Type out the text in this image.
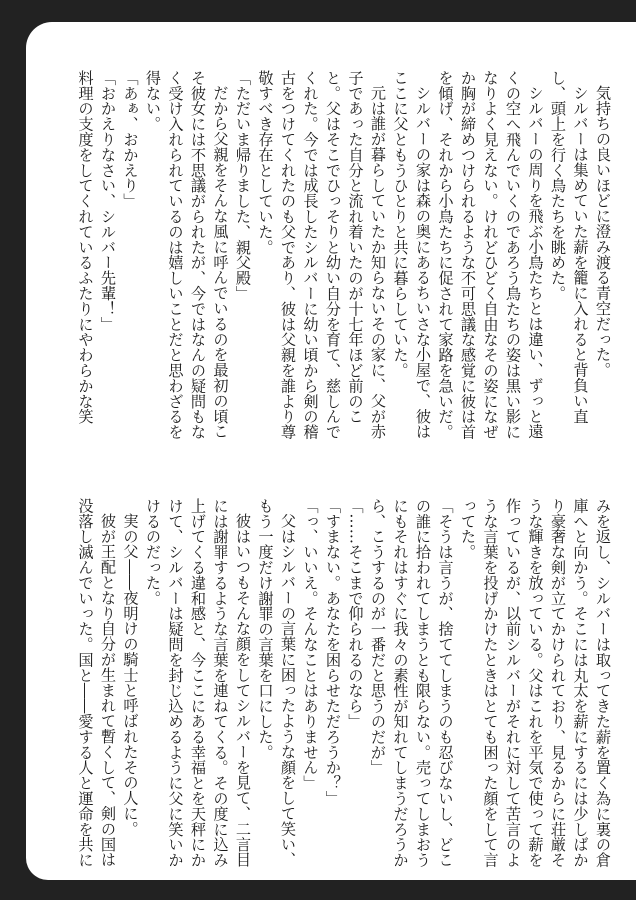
気持ちの良いほどに澄み渡る青空だった。

シルバーは集めていた薪を籠に入れると背負い直し、頭上を行く鳥たちを眺めた。

シルバーの周りを飛ぶ小鳥たちとは違い、ずっと遠くの空へ飛んでいくのであろう鳥たちの姿は黒い影になりよく見えない。けれどひどく自由なその姿になぜか胸が締めつけられるような不可思議な感覚に彼は首を傾げ、それから小鳥たちに促されて家路を急いだ。

シルバーの家は森の奥にあるちいさな小屋で、彼はここに父ともうひとりと共に暮らしていた。

元は誰が暮らしていたか知らないその家に、父が赤子であった自分と流れ着いたのが十七年ほど前のこと。父はそこでひっそりと幼い自分を育て、慈しんでくれた。今では成長したシルバーに幼い頃から剣の稽古をつけてくれたのも父であり、彼は父親を誰より尊敬すべき存在としていた。

「ただいま帰りました、親父殿」

だから父親をそんな風に呼んでいるのを最初の頃こそ彼女には不思議がられたが、今ではなんの疑問もなく受け入れられているのは嬉しいことだと思わざるを得ない。

「あぁ、おかえり」

「おかえりなさい、シルバー先輩！」

料理の支度をしてくれているふたりにやわらかな笑

みを返し、シルバーは取ってきた薪を置く為に裏の倉庫へと向かう。そこには丸太を薪にするには少しばかり豪奢な剣が立てかけられており、見るからに荘厳そうな輝きを放っている。父はこれを平気で使って薪を作っているが、以前シルバーがそれに対して苦言のような言葉を投げかけたときはとても困った顔をして言ってた。

「そうは言うが、捨ててしまうのも忍びないし、どこの誰に拾われてしまうとも限らない。売ってしまおうにもそれはすぐに我々の素性が知れてしまうだろうから、こうするのが一番だと思うのだが」

「……そこまで仰られるのなら」

「すまない。あなたを困らせただろうか？」

「っ、いいえ。そんなことはありません」

父はシルバーの言葉に困ったような顔をして笑い、もう一度だけ謝罪の言葉を口にした。

彼はいつもそんな顔をしてシルバーを見て、二言目には謝罪するような言葉を連ねてくる。その度に込み上げてくる違和感と、今ここにある幸福とを天秤にかけて、シルバーは疑問を封じ込めるように父に笑いかけるのだった。

実の父――夜明けの騎士と呼ばれたその人に。

彼が王配となり自分が生まれて暫くして、剣の国は没落し滅んでいった。国と――愛する人と運命を共に
